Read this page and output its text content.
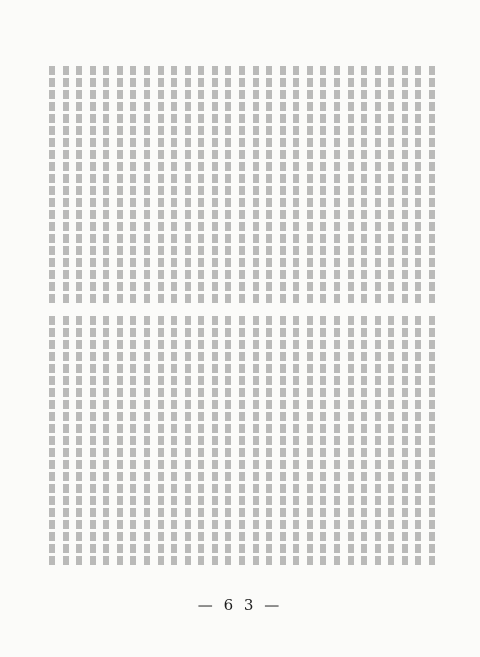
— 6 3 —
